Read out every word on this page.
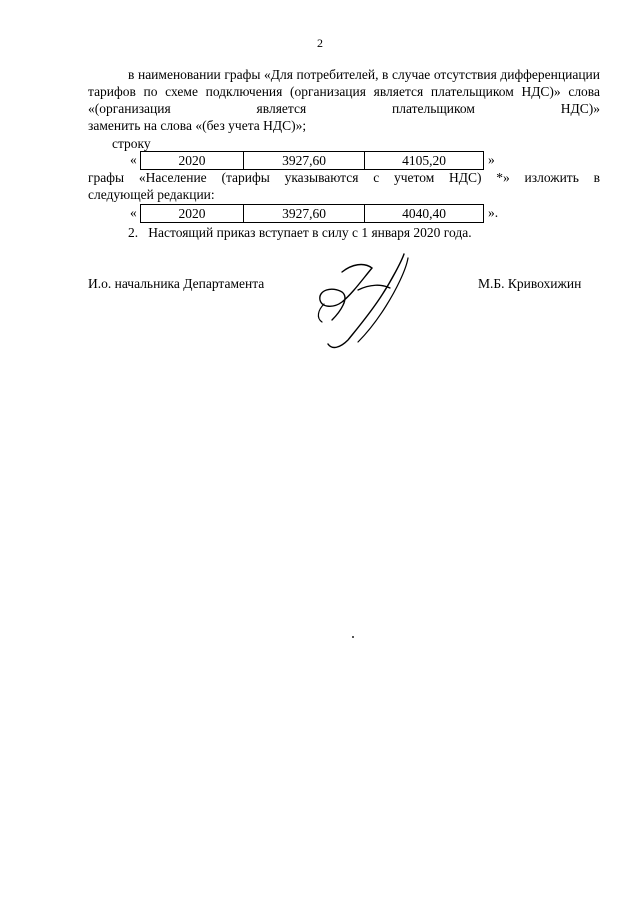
2

в наименовании графы «Для потребителей, в случае отсутствия дифференциации тарифов по схеме подключения (организация является плательщиком НДС)» слова «(организация является плательщиком НДС)»

заменить на слова «(без учета НДС)»;
строку
«	2020	3927,60	4105,20	»

графы «Население (тарифы указываются с учетом НДС) *» изложить в

следующей редакции:
«	2020	3927,60	4040,40	».
2.   Настоящий приказ вступает в силу с 1 января 2020 года.
И.о. начальника Департамента	М.Б. Кривохижин
